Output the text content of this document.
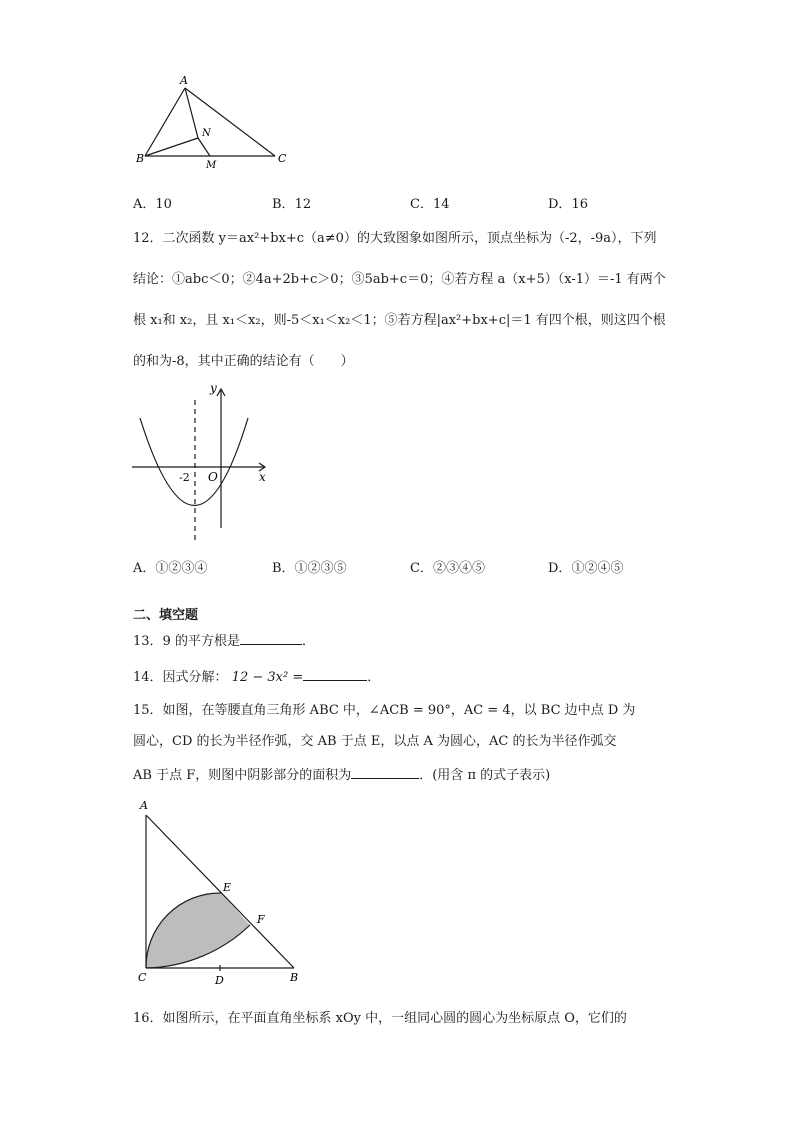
A
B	C
N
M
A．10	B．12	C．14	D．16
12．二次函数 y＝ax²+bx+c（a≠0）的大致图象如图所示，顶点坐标为（-2，-9a），下列
结论：①abc＜0；②4a+2b+c＞0；③5ab+c＝0；④若方程 a（x+5）（x-1）＝-1 有两个
根 x₁和 x₂，且 x₁＜x₂，则-5＜x₁＜x₂＜1；⑤若方程|ax²+bx+c|＝1 有四个根，则这四个根
的和为-8，其中正确的结论有（　　）
y
x
O
-2
A．①②③④	B．①②③⑤	C．②③④⑤	D．①②④⑤
二、填空题
13．9 的平方根是	．
14．因式分解： 12 − 3x² =	．
15．如图，在等腰直角三角形 ABC 中，∠ACB = 90°，AC = 4，以 BC 边中点 D 为
圆心，CD 的长为半径作弧，交 AB 于点 E，以点 A 为圆心，AC 的长为半径作弧交
AB 于点 F，则图中阴影部分的面积为	．(用含 π 的式子表示)
A
C	D	B
E
F
16．如图所示，在平面直角坐标系 xOy 中，一组同心圆的圆心为坐标原点 O，它们的
